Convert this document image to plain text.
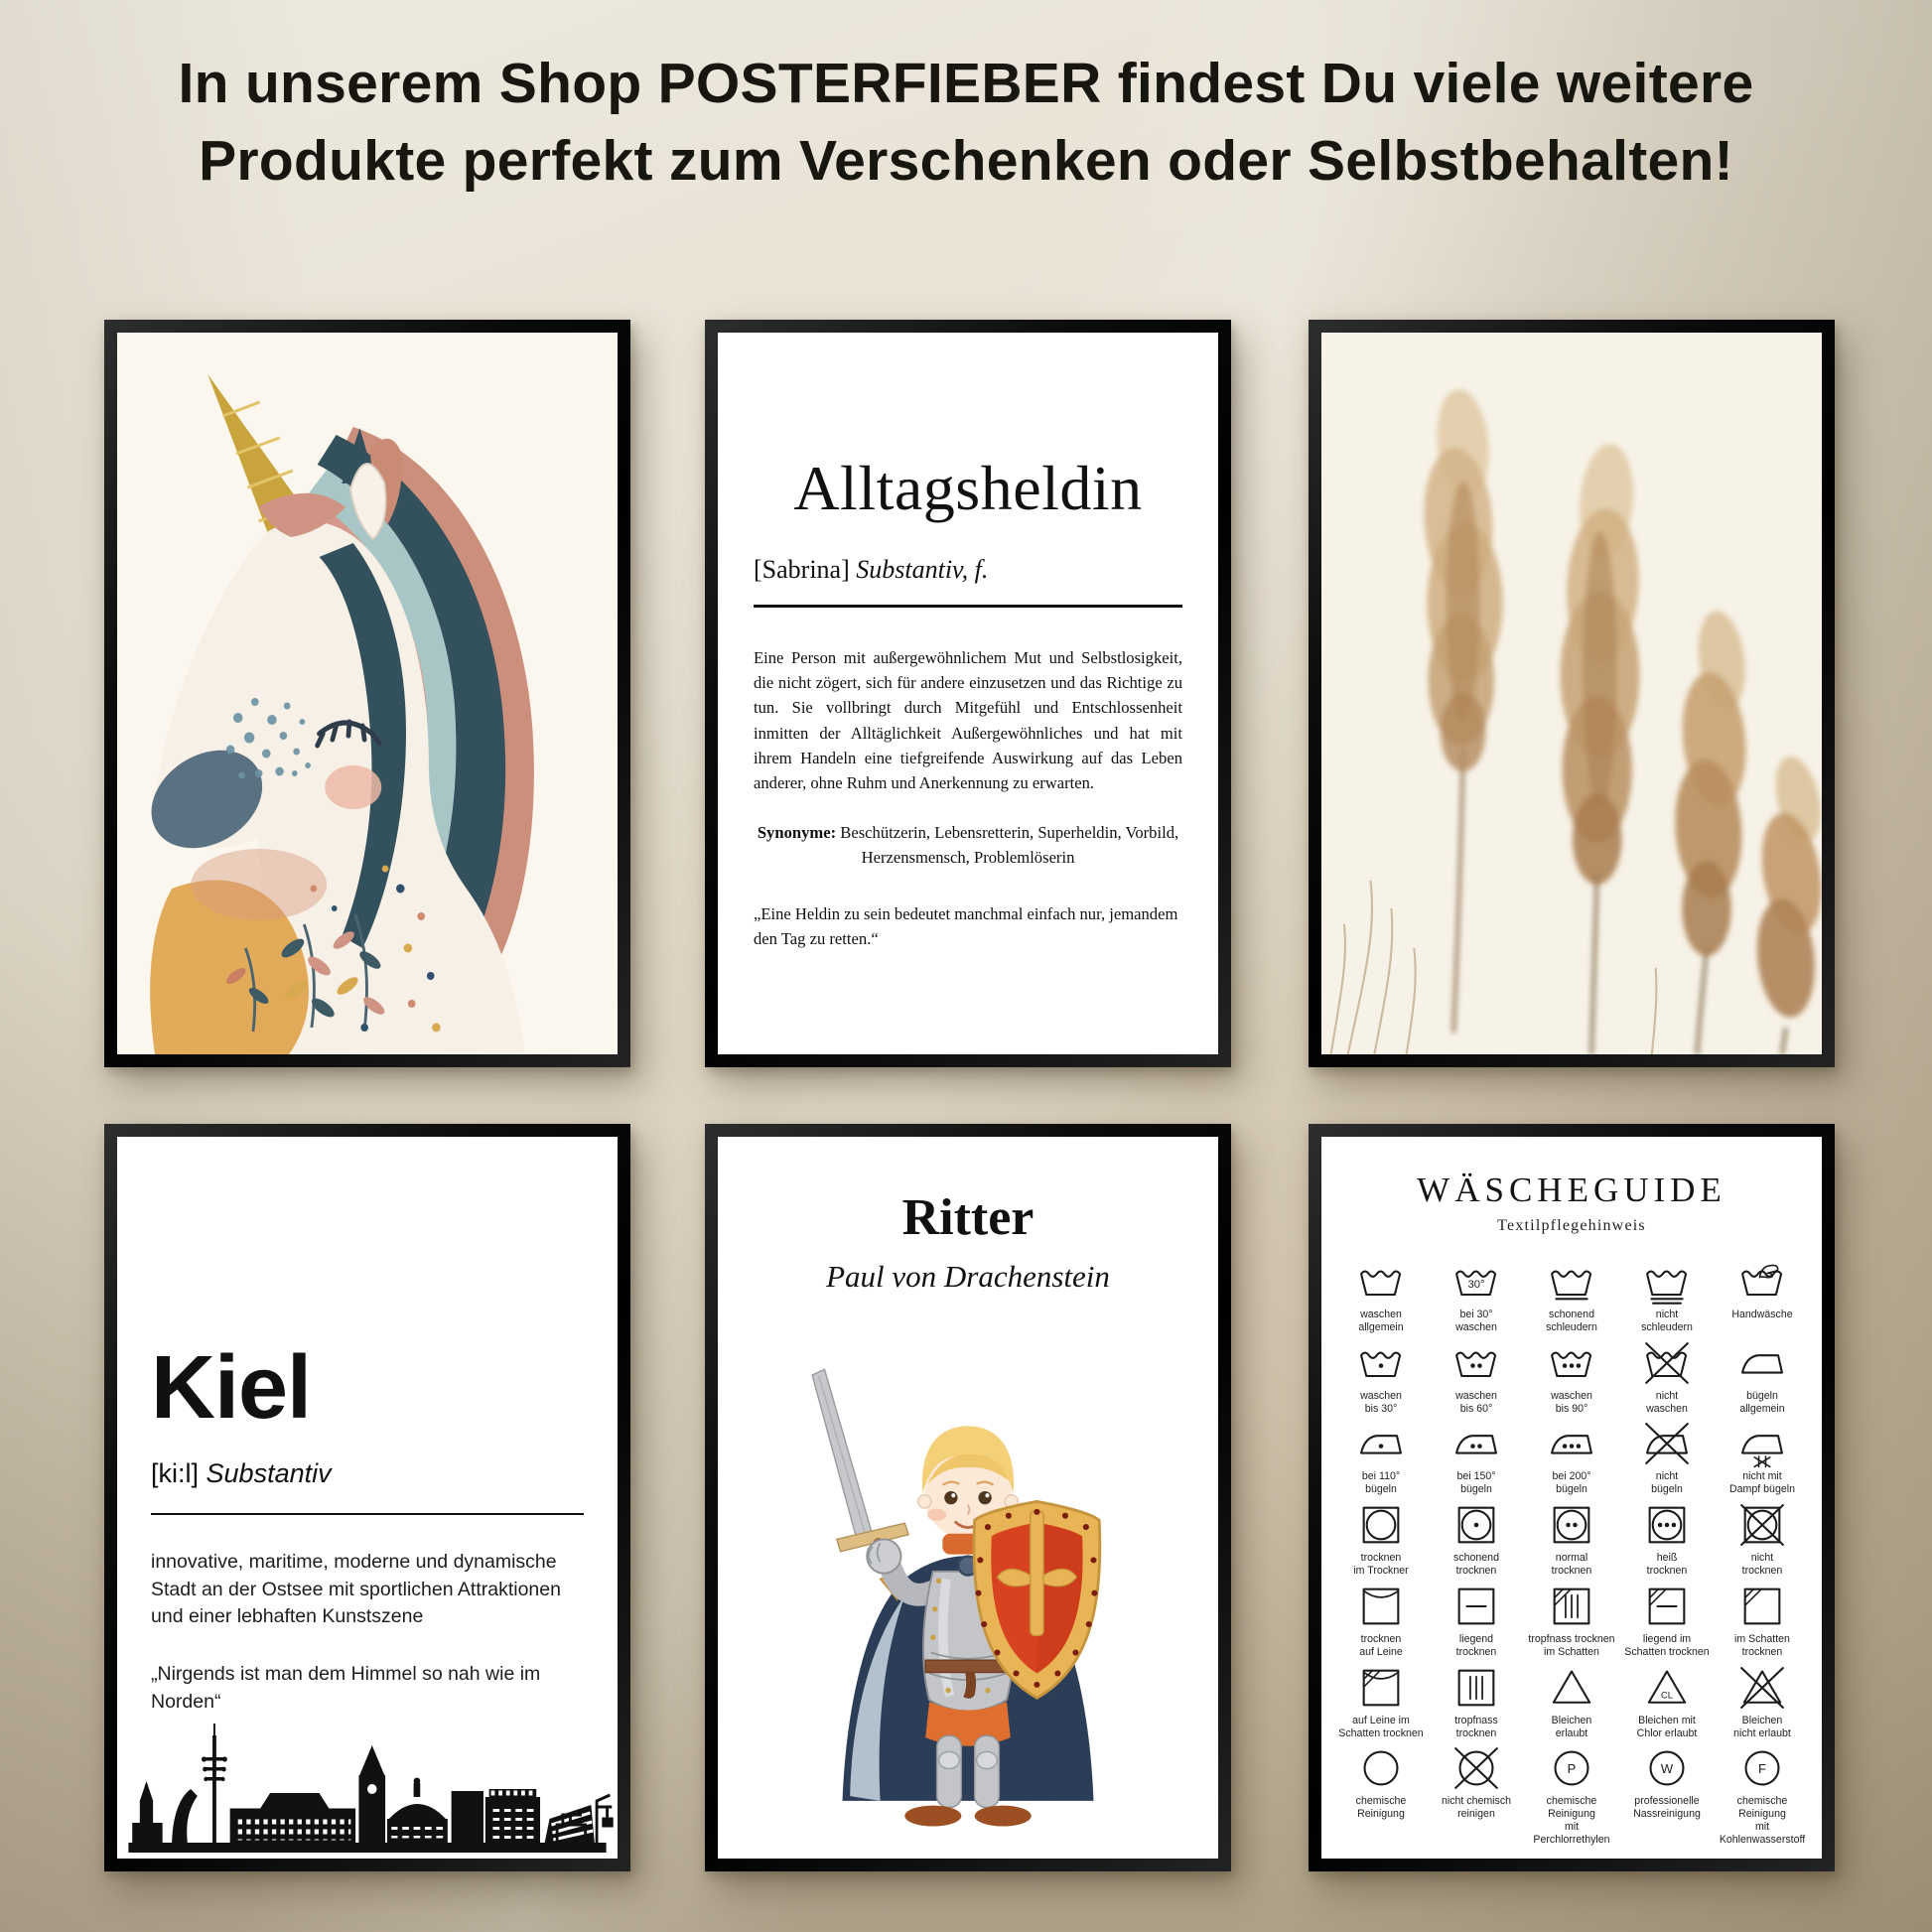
In unserem Shop POSTERFIEBER findest Du viele weitere
Produkte perfekt zum Verschenken oder Selbstbehalten!
Alltagsheldin
[Sabrina] Substantiv, f.
Eine Person mit außergewöhnlichem Mut und Selbstlosigkeit, die nicht zögert, sich für andere einzusetzen und das Richtige zu tun. Sie vollbringt durch Mitgefühl und Entschlossenheit inmitten der Alltäglichkeit Außergewöhnliches und hat mit ihrem Handeln eine tiefgreifende Auswirkung auf das Leben anderer, ohne Ruhm und Anerkennung zu erwarten.
Synonyme: Beschützerin, Lebensretterin, Superheldin, Vorbild,
Herzensmensch, Problemlöserin
„Eine Heldin zu sein bedeutet manchmal einfach nur, jemandem den Tag zu retten.“
Kiel
[ki:l] Substantiv
innovative, maritime, moderne und dynamische Stadt an der Ostsee mit sportlichen Attraktionen und einer lebhaften Kunstszene
„Nirgends ist man dem Himmel so nah wie im Norden“
Ritter
Paul von Drachenstein
WÄSCHEGUIDE
Textilpflegehinweis
waschen
allgemein
30°
bei 30°
waschen
schonend
schleudern
nicht
schleudern
Handwäsche
waschen
bis 30°
waschen
bis 60°
waschen
bis 90°
nicht
waschen
bügeln
allgemein
bei 110°
bügeln
bei 150°
bügeln
bei 200°
bügeln
nicht
bügeln
nicht mit
Dampf bügeln
trocknen
im Trockner
schonend
trocknen
normal
trocknen
heiß
trocknen
nicht
trocknen
trocknen
auf Leine
liegend
trocknen
tropfnass trocknen
im Schatten
liegend im
Schatten trocknen
im Schatten
trocknen
auf Leine im
Schatten trocknen
tropfnass
trocknen
Bleichen
erlaubt
CL
Bleichen mit
Chlor erlaubt
Bleichen
nicht erlaubt
chemische
Reinigung
nicht chemisch
reinigen
P
chemische Reinigung
mit Perchlorrethylen
W
professionelle
Nassreinigung
F
chemische Reinigung
mit Kohlenwasserstoff
